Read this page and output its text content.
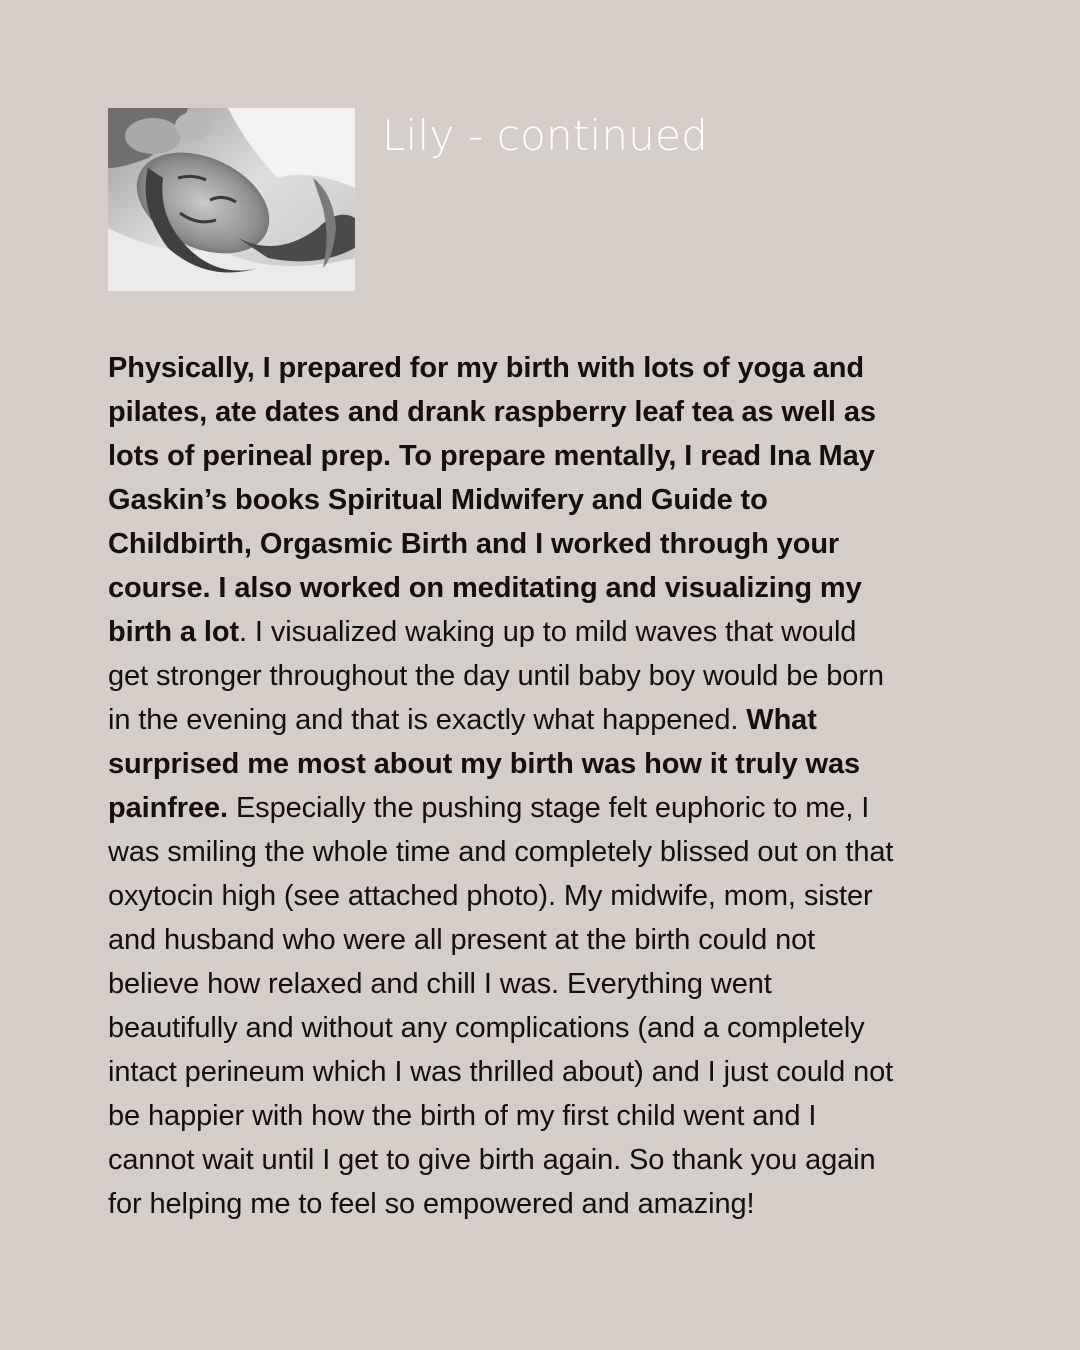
Lily - continued

Physically, I prepared for my birth with lots of yoga and
pilates, ate dates and drank raspberry leaf tea as well as
lots of perineal prep. To prepare mentally, I read Ina May
Gaskin’s books Spiritual Midwifery and Guide to
Childbirth, Orgasmic Birth and I worked through your
course. I also worked on meditating and visualizing my
birth a lot. I visualized waking up to mild waves that would
get stronger throughout the day until baby boy would be born
in the evening and that is exactly what happened. What
surprised me most about my birth was how it truly was
painfree. Especially the pushing stage felt euphoric to me, I
was smiling the whole time and completely blissed out on that
oxytocin high (see attached photo). My midwife, mom, sister
and husband who were all present at the birth could not
believe how relaxed and chill I was. Everything went
beautifully and without any complications (and a completely
intact perineum which I was thrilled about) and I just could not
be happier with how the birth of my first child went and I
cannot wait until I get to give birth again. So thank you again
for helping me to feel so empowered and amazing!
